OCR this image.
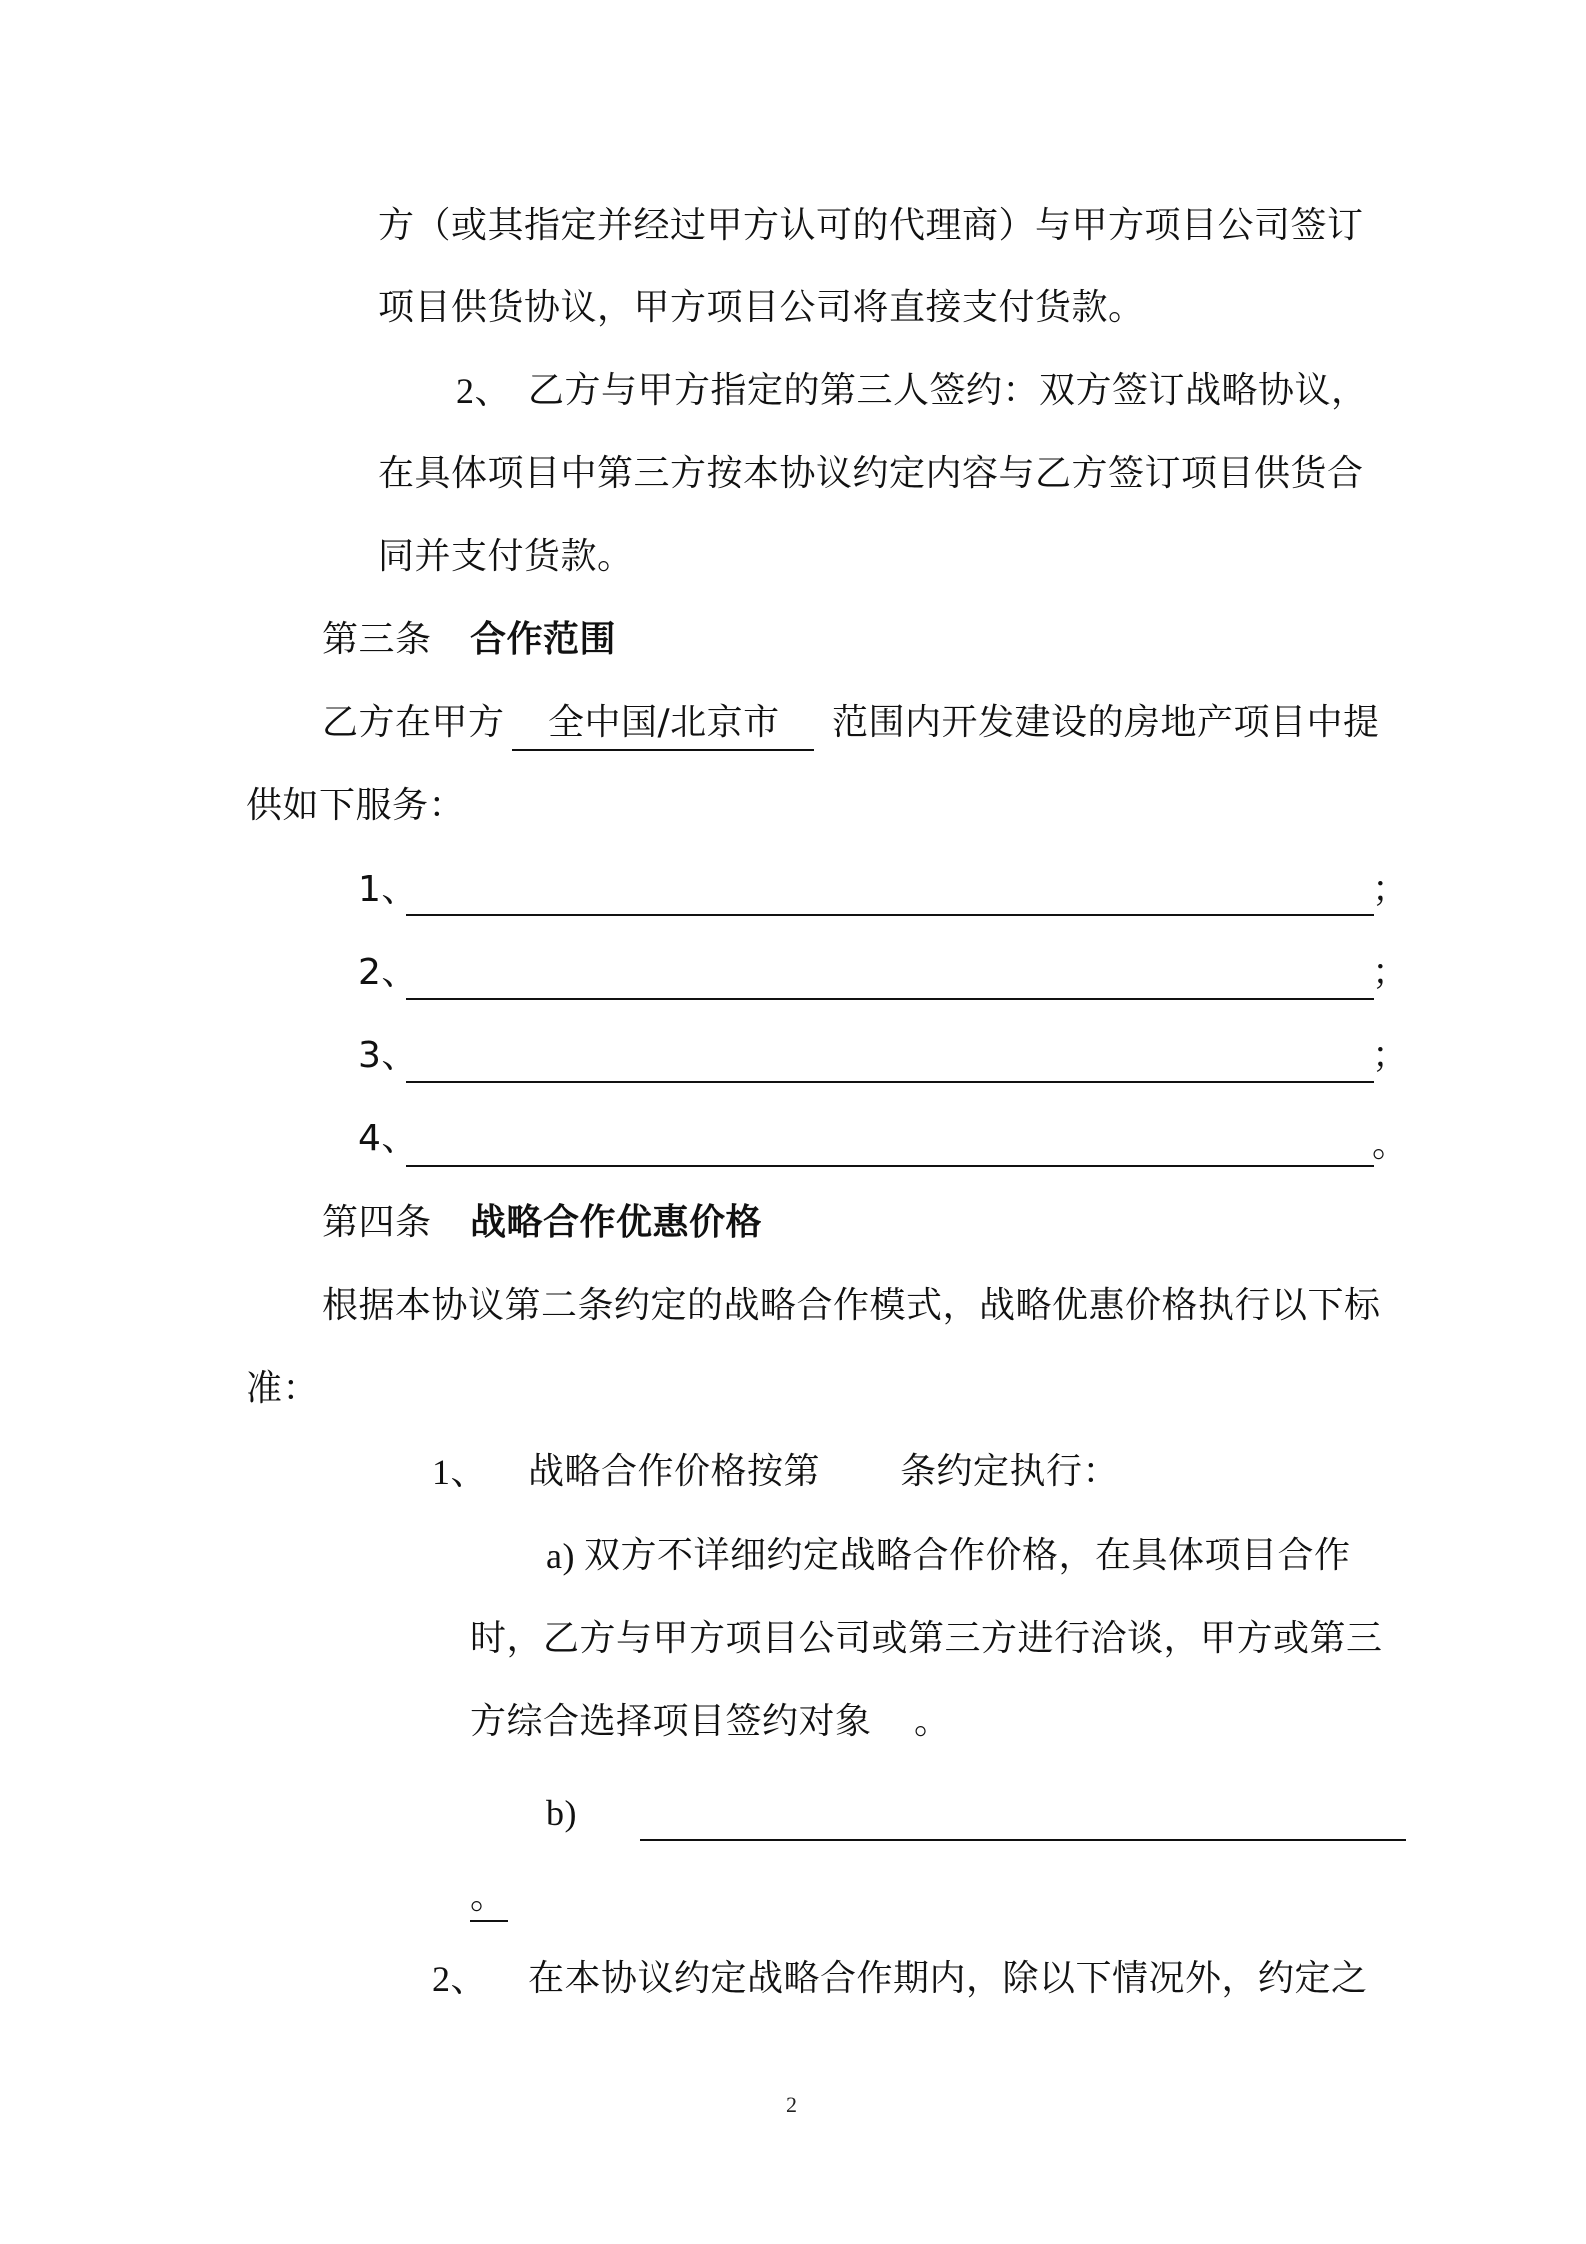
方（或其指定并经过甲方认可的代理商）与甲方项目公司签订
项目供货协议，甲方项目公司将直接支付货款。
2、 乙方与甲方指定的第三人签约：双方签订战略协议，
在具体项目中第三方按本协议约定内容与乙方签订项目供货合
同并支付货款。
第三条 合作范围
乙方在甲方 全中国/北京市 范围内开发建设的房地产项目中提
供如下服务：
1、	；
2、	；
3、	；
4、	。
第四条 战略合作优惠价格
根据本协议第二条约定的战略合作模式，战略优惠价格执行以下标
准：
1、 战略合作价格按第 条约定执行：
a) 双方不详细约定战略合作价格，在具体项目合作
时，乙方与甲方项目公司或第三方进行洽谈，甲方或第三
方综合选择项目签约对象 。
b)
。
2、 在本协议约定战略合作期内，除以下情况外，约定之
2
